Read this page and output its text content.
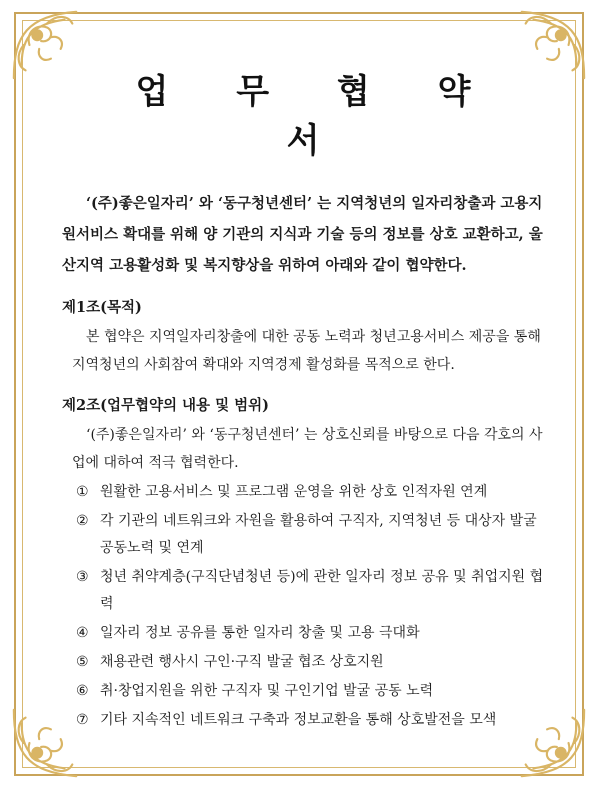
업 무 협 약 서

‘(주)좋은일자리’ 와 ‘동구청년센터’ 는 지역청년의 일자리창출과 고용지원서비스 확대를 위해 양 기관의 지식과 기술 등의 정보를 상호 교환하고, 울산지역 고용활성화 및 복지향상을 위하여 아래와 같이 협약한다.

제1조(목적)

본 협약은 지역일자리창출에 대한 공동 노력과 청년고용서비스 제공을 통해 지역청년의 사회참여 확대와 지역경제 활성화를 목적으로 한다.

제2조(업무협약의 내용 및 범위)

‘(주)좋은일자리’ 와 ‘동구청년센터’ 는 상호신뢰를 바탕으로 다음 각호의 사업에 대하여 적극 협력한다.

① 원활한 고용서비스 및 프로그램 운영을 위한 상호 인적자원 연계
② 각 기관의 네트워크와 자원을 활용하여 구직자, 지역청년 등 대상자 발굴 공동노력 및 연계
③ 청년 취약계층(구직단념청년 등)에 관한 일자리 정보 공유 및 취업지원 협력
④ 일자리 정보 공유를 통한 일자리 창출 및 고용 극대화
⑤ 채용관련 행사시 구인·구직 발굴 협조 상호지원
⑥ 취·창업지원을 위한 구직자 및 구인기업 발굴 공동 노력
⑦ 기타 지속적인 네트워크 구축과 정보교환을 통해 상호발전을 모색
